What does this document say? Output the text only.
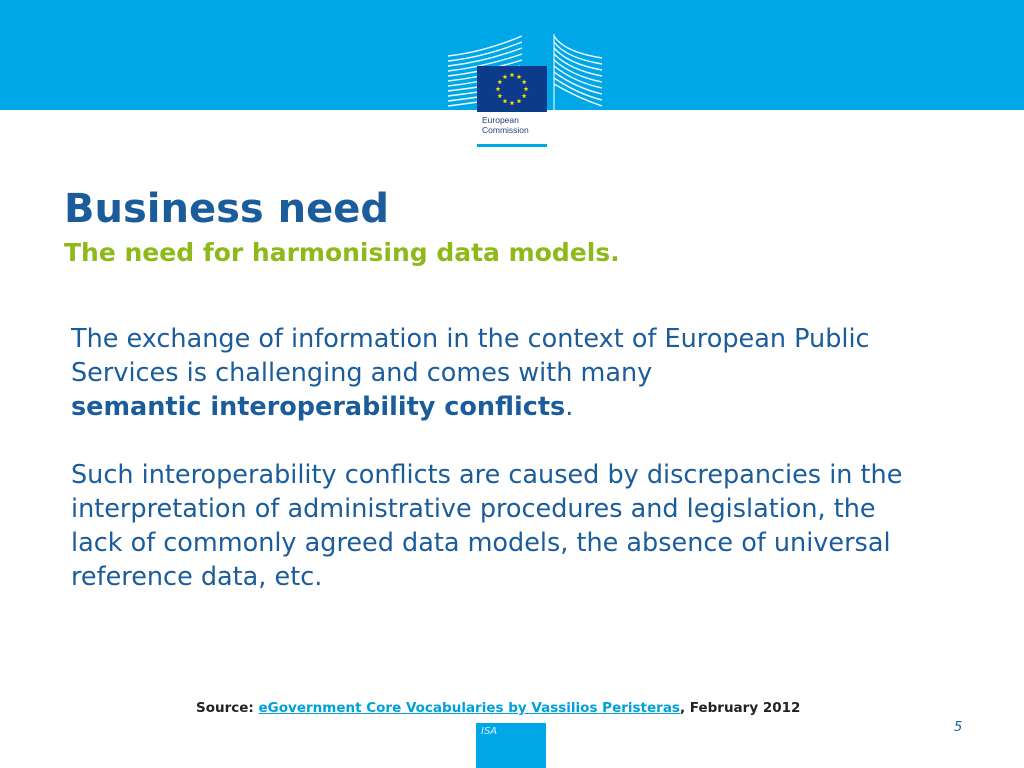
European
Commission
Business need
The need for harmonising data models.

The exchange of information in the context of European Public Services is challenging and comes with many
semantic interoperability conflicts.

Such interoperability conflicts are caused by discrepancies in the interpretation of administrative procedures and legislation, the lack of commonly agreed data models, the absence of universal reference data, etc.

Source: eGovernment Core Vocabularies by Vassilios Peristeras, February 2012
5
ISA
